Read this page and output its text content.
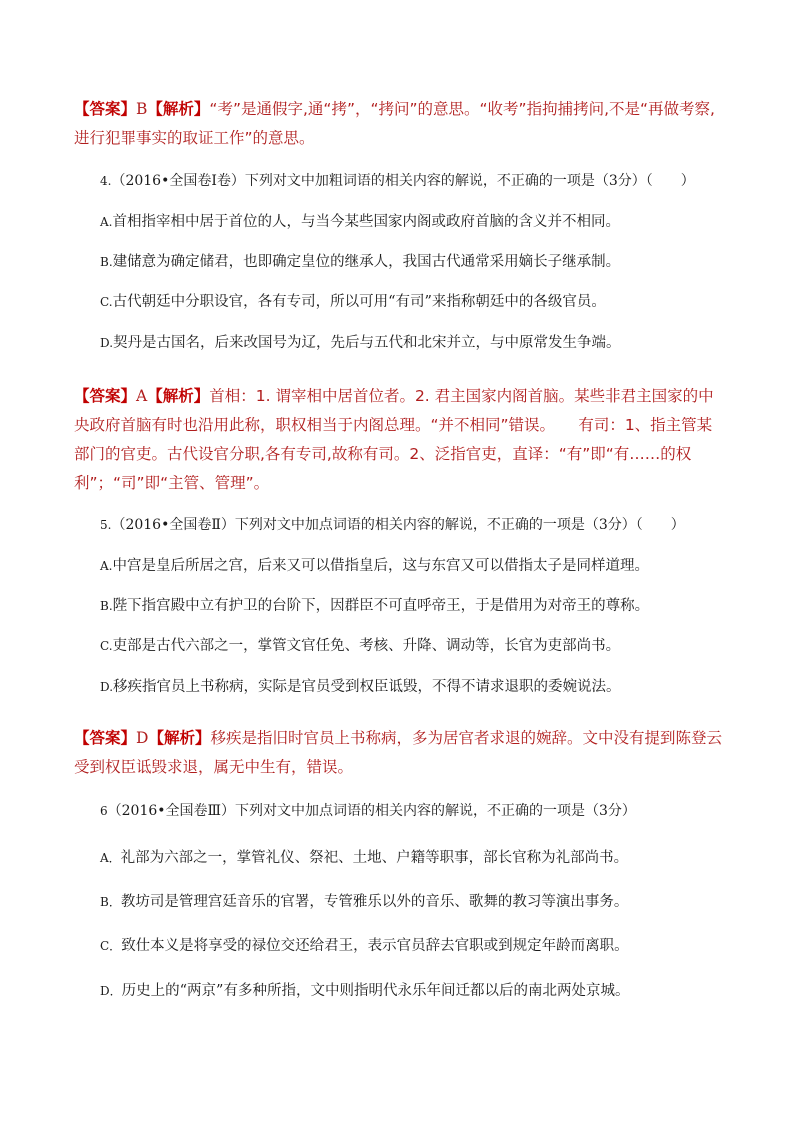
【答案】B【解析】“考”是通假字,通“拷”，“拷问”的意思。“收考”指拘捕拷问,不是“再做考察,进行犯罪事实的取证工作”的意思。
4.（2016•全国卷Ⅰ卷）下列对文中加粗词语的相关内容的解说，不正确的一项是（3分）（　　）
A.首相指宰相中居于首位的人，与当今某些国家内阁或政府首脑的含义并不相同。
B.建储意为确定储君，也即确定皇位的继承人，我国古代通常采用嫡长子继承制。
C.古代朝廷中分职设官，各有专司，所以可用“有司”来指称朝廷中的各级官员。
D.契丹是古国名，后来改国号为辽，先后与五代和北宋并立，与中原常发生争端。
【答案】A【解析】首相：1. 谓宰相中居首位者。2. 君主国家内阁首脑。某些非君主国家的中央政府首脑有时也沿用此称，职权相当于内阁总理。“并不相同”错误。　　有司：1、指主管某部门的官吏。古代设官分职,各有专司,故称有司。2、泛指官吏，直译：“有”即“有……的权利”；“司”即“主管、管理”。
5.（2016•全国卷Ⅱ）下列对文中加点词语的相关内容的解说，不正确的一项是（3分）（　　）
A.中宫是皇后所居之宫，后来又可以借指皇后，这与东宫又可以借指太子是同样道理。
B.陛下指宫殿中立有护卫的台阶下，因群臣不可直呼帝王，于是借用为对帝王的尊称。
C.吏部是古代六部之一，掌管文官任免、考核、升降、调动等，长官为吏部尚书。
D.移疾指官员上书称病，实际是官员受到权臣诋毁，不得不请求退职的委婉说法。
【答案】D【解析】移疾是指旧时官员上书称病，多为居官者求退的婉辞。文中没有提到陈登云受到权臣诋毁求退，属无中生有，错误。
6（2016•全国卷Ⅲ）下列对文中加点词语的相关内容的解说，不正确的一项是（3分）
A．礼部为六部之一，掌管礼仪、祭祀、土地、户籍等职事，部长官称为礼部尚书。
B．教坊司是管理宫廷音乐的官署，专管雅乐以外的音乐、歌舞的教习等演出事务。
C．致仕本义是将享受的禄位交还给君王，表示官员辞去官职或到规定年龄而离职。
D．历史上的“两京”有多种所指，文中则指明代永乐年间迁都以后的南北两处京城。
